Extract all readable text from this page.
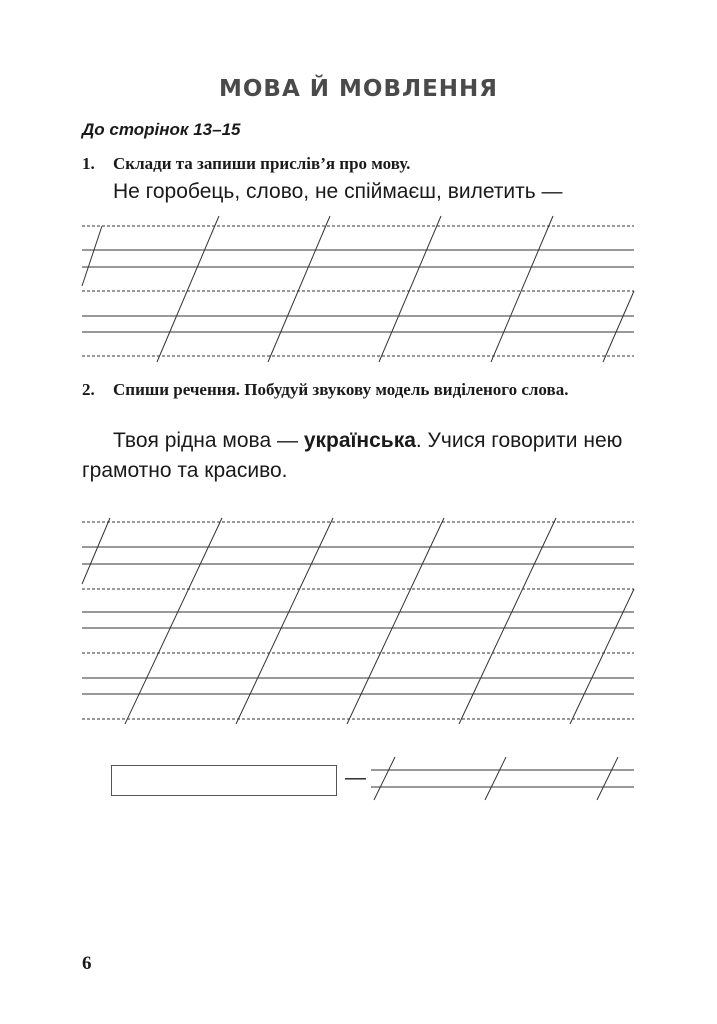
МОВА Й МОВЛЕННЯ
До сторінок 13–15
1.	Склади та запиши прислів’я про мову.
Не горобець, слово, не спіймаєш, вилетить —
2.	Спиши речення. Побудуй звукову модель виділеного слова.
Твоя рідна мова — українська. Учися говорити нею грамотно та красиво.
—
6
